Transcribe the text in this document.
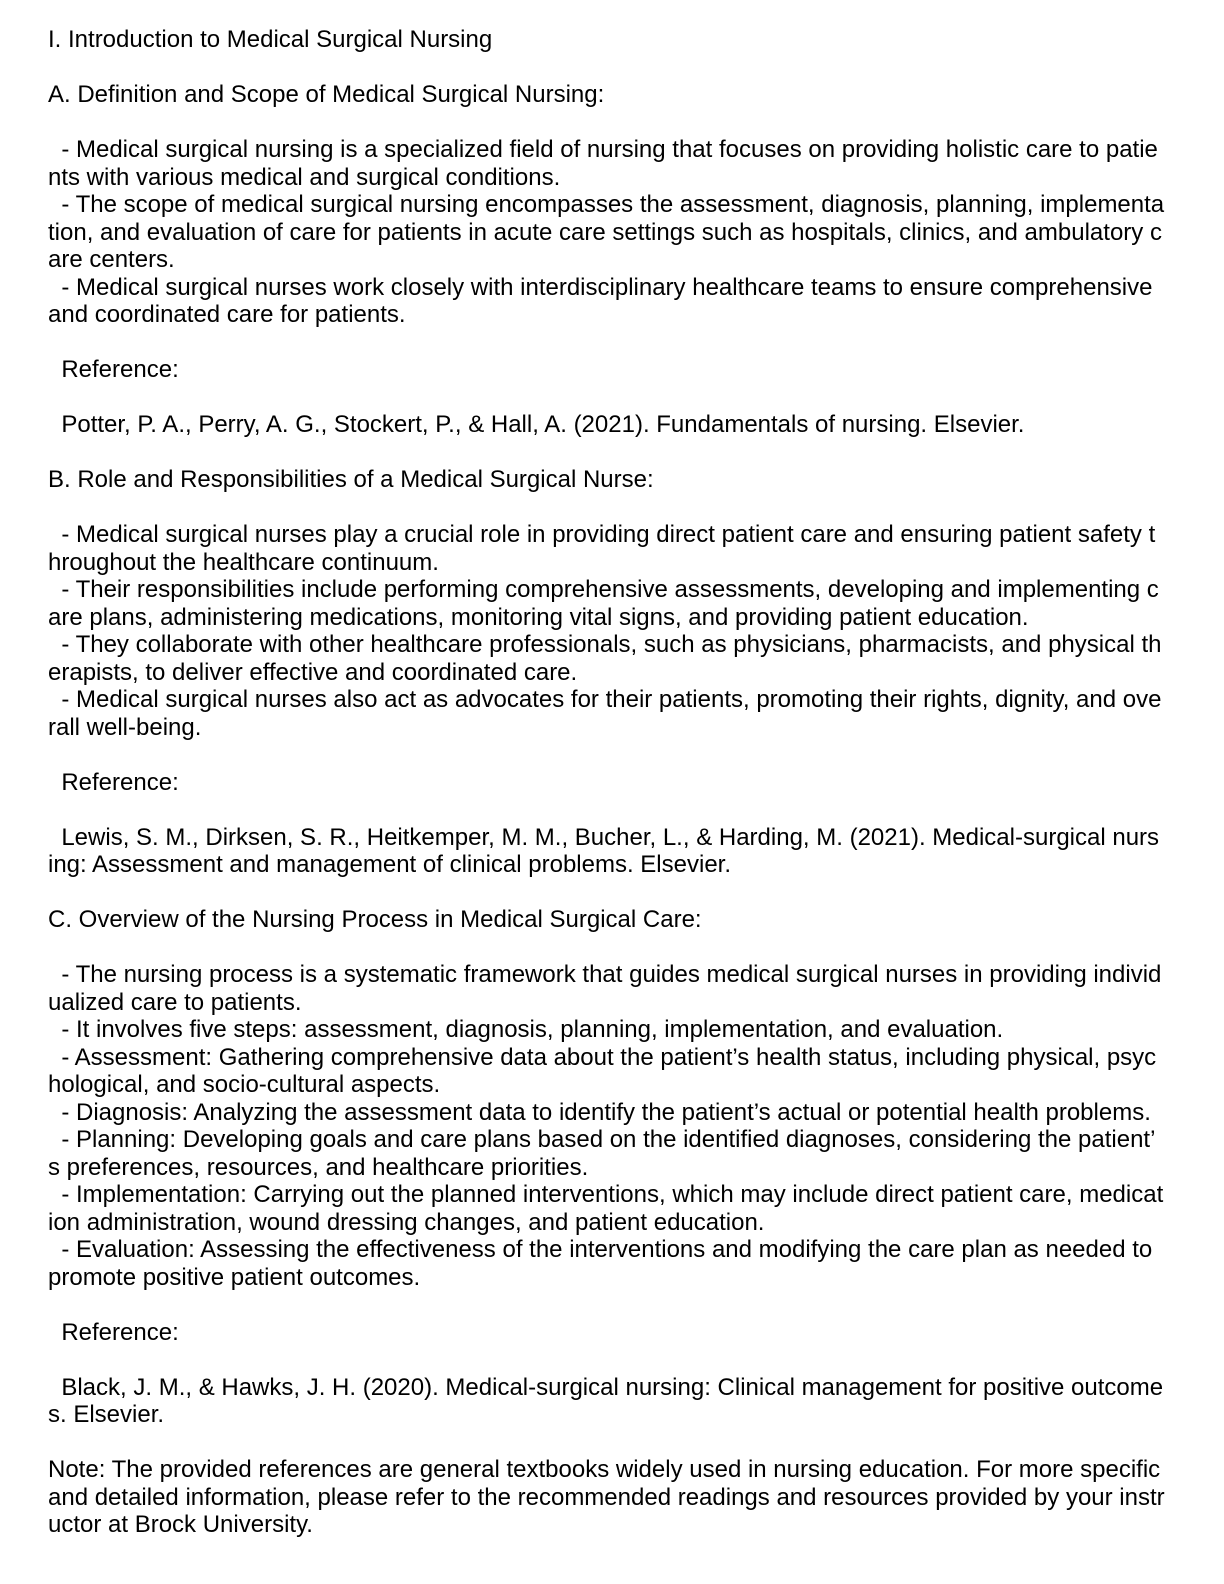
I. Introduction to Medical Surgical Nursing
A. Definition and Scope of Medical Surgical Nursing:
- Medical surgical nursing is a specialized field of nursing that focuses on providing holistic care to patie
nts with various medical and surgical conditions.
- The scope of medical surgical nursing encompasses the assessment, diagnosis, planning, implementa
tion, and evaluation of care for patients in acute care settings such as hospitals, clinics, and ambulatory c
are centers.
- Medical surgical nurses work closely with interdisciplinary healthcare teams to ensure comprehensive
and coordinated care for patients.
Reference:
Potter, P. A., Perry, A. G., Stockert, P., & Hall, A. (2021). Fundamentals of nursing. Elsevier.
B. Role and Responsibilities of a Medical Surgical Nurse:
- Medical surgical nurses play a crucial role in providing direct patient care and ensuring patient safety t
hroughout the healthcare continuum.
- Their responsibilities include performing comprehensive assessments, developing and implementing c
are plans, administering medications, monitoring vital signs, and providing patient education.
- They collaborate with other healthcare professionals, such as physicians, pharmacists, and physical th
erapists, to deliver effective and coordinated care.
- Medical surgical nurses also act as advocates for their patients, promoting their rights, dignity, and ove
rall well-being.
Reference:
Lewis, S. M., Dirksen, S. R., Heitkemper, M. M., Bucher, L., & Harding, M. (2021). Medical-surgical nurs
ing: Assessment and management of clinical problems. Elsevier.
C. Overview of the Nursing Process in Medical Surgical Care:
- The nursing process is a systematic framework that guides medical surgical nurses in providing individ
ualized care to patients.
- It involves five steps: assessment, diagnosis, planning, implementation, and evaluation.
- Assessment: Gathering comprehensive data about the patient’s health status, including physical, psyc
hological, and socio-cultural aspects.
- Diagnosis: Analyzing the assessment data to identify the patient’s actual or potential health problems.
- Planning: Developing goals and care plans based on the identified diagnoses, considering the patient’
s preferences, resources, and healthcare priorities.
- Implementation: Carrying out the planned interventions, which may include direct patient care, medicat
ion administration, wound dressing changes, and patient education.
- Evaluation: Assessing the effectiveness of the interventions and modifying the care plan as needed to
promote positive patient outcomes.
Reference:
Black, J. M., & Hawks, J. H. (2020). Medical-surgical nursing: Clinical management for positive outcome
s. Elsevier.
Note: The provided references are general textbooks widely used in nursing education. For more specific
and detailed information, please refer to the recommended readings and resources provided by your instr
uctor at Brock University.
